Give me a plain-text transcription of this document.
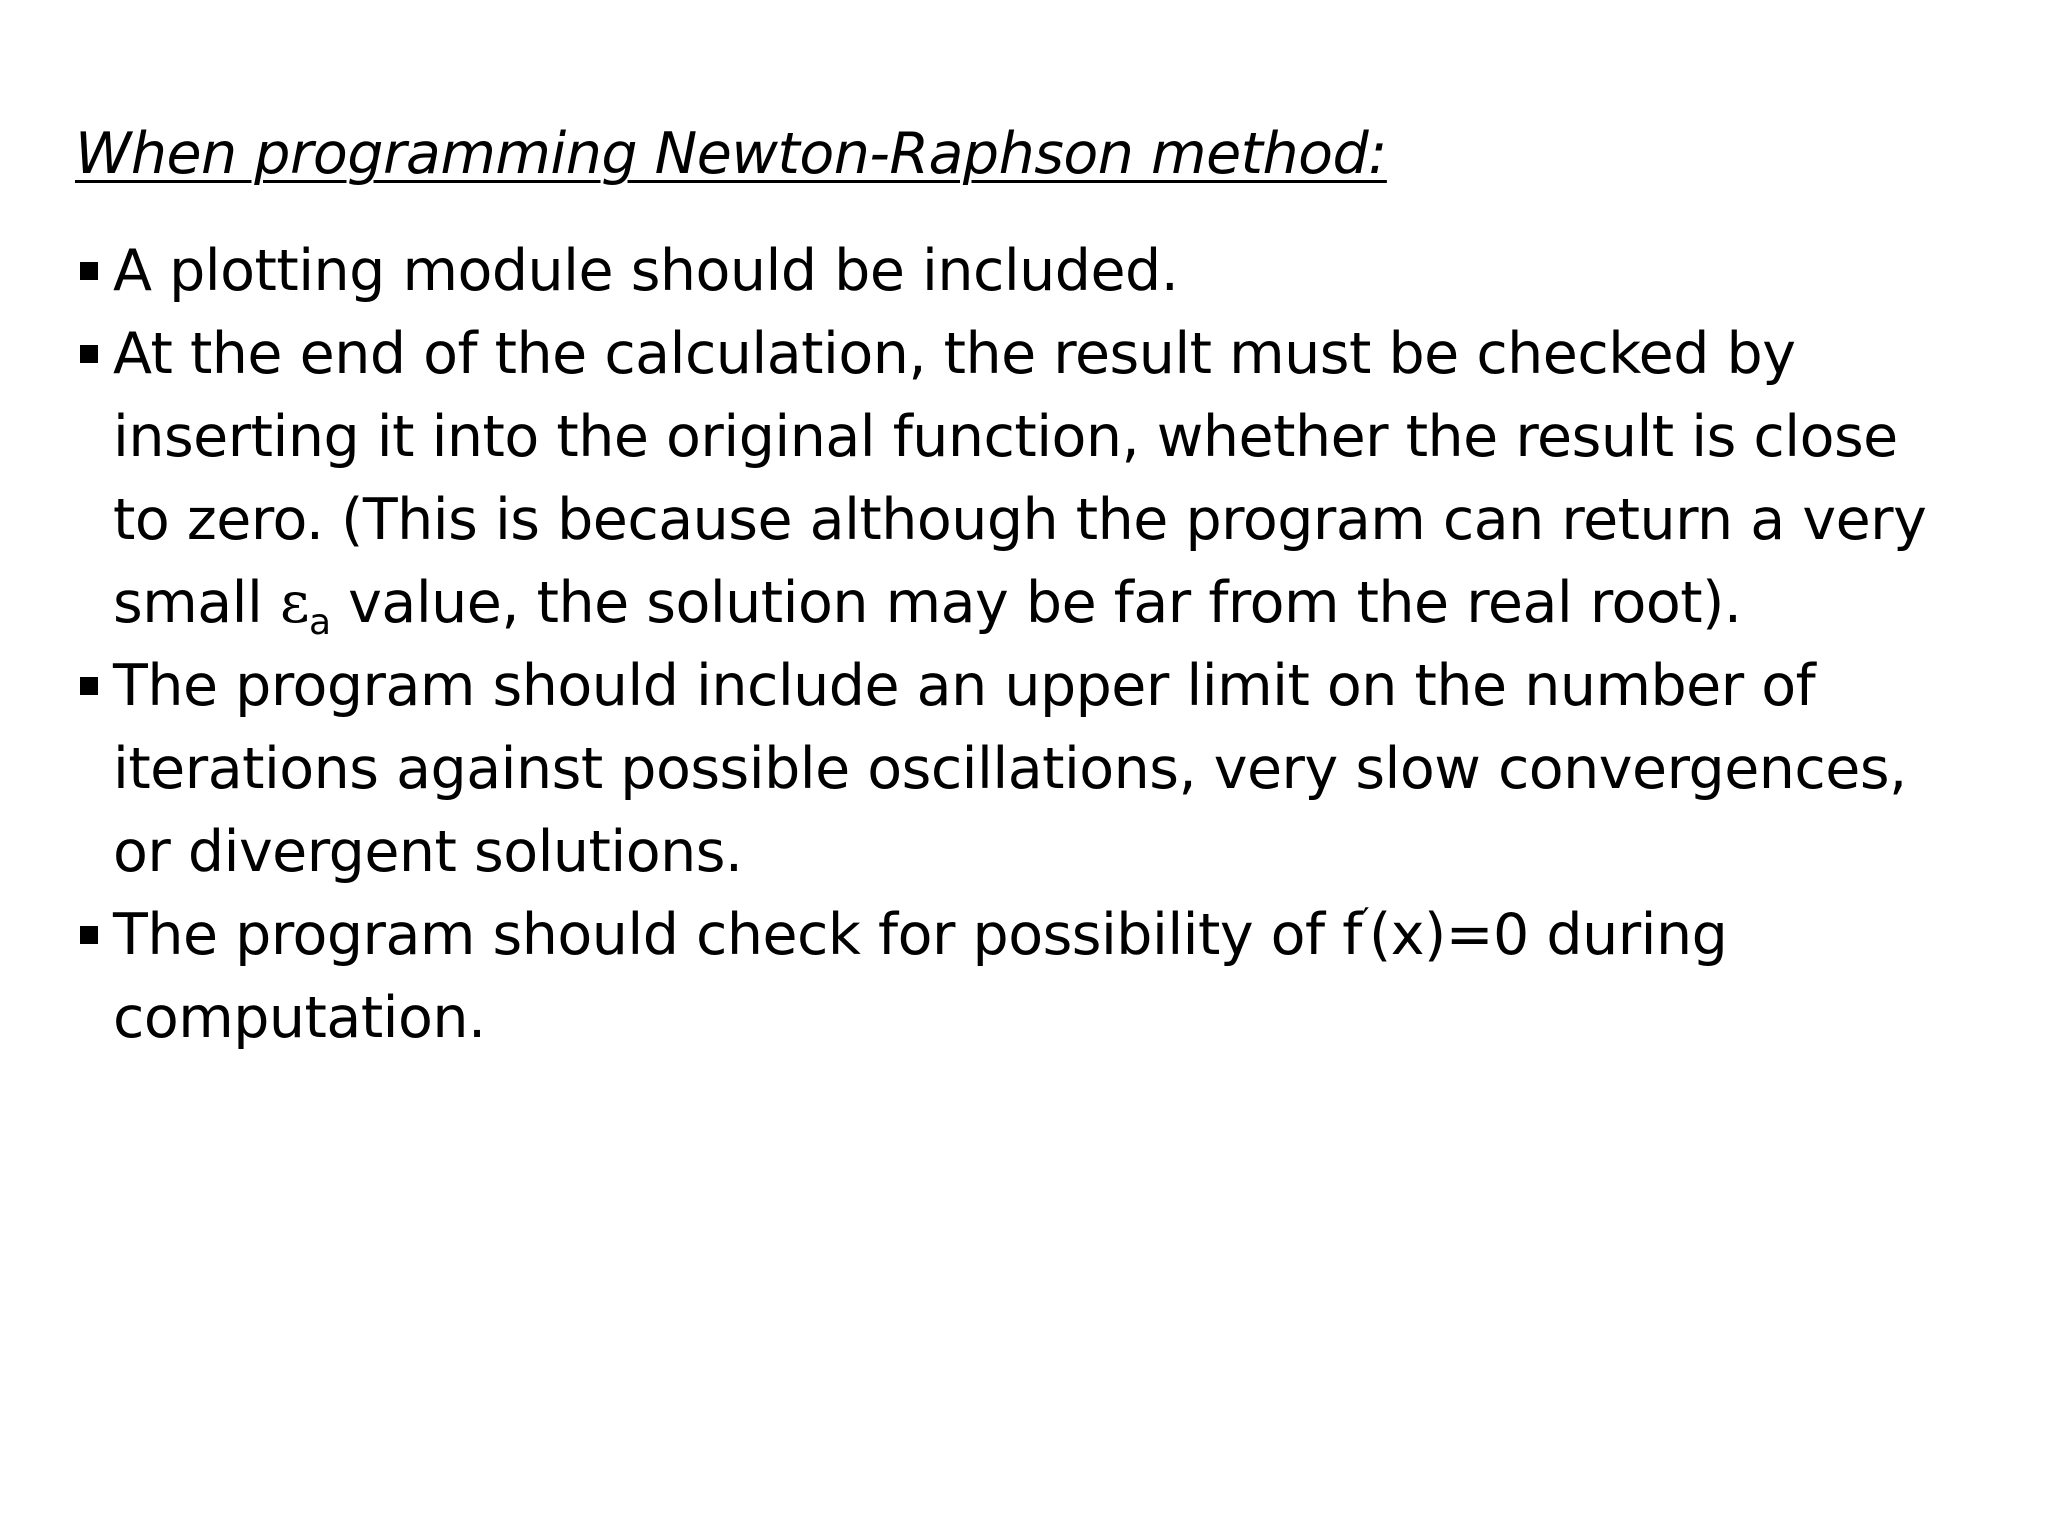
When programming Newton-Raphson method:
A plotting module should be included.
At the end of the calculation, the result must be checked by
inserting it into the original function, whether the result is close
to zero. (This is because although the program can return a very
small $\varepsilon_a$ value, the solution may be far from the real root).
The program should include an upper limit on the number of
iterations against possible oscillations, very slow convergences,
or divergent solutions.
The program should check for possibility of f′(x)=0 during
computation.
